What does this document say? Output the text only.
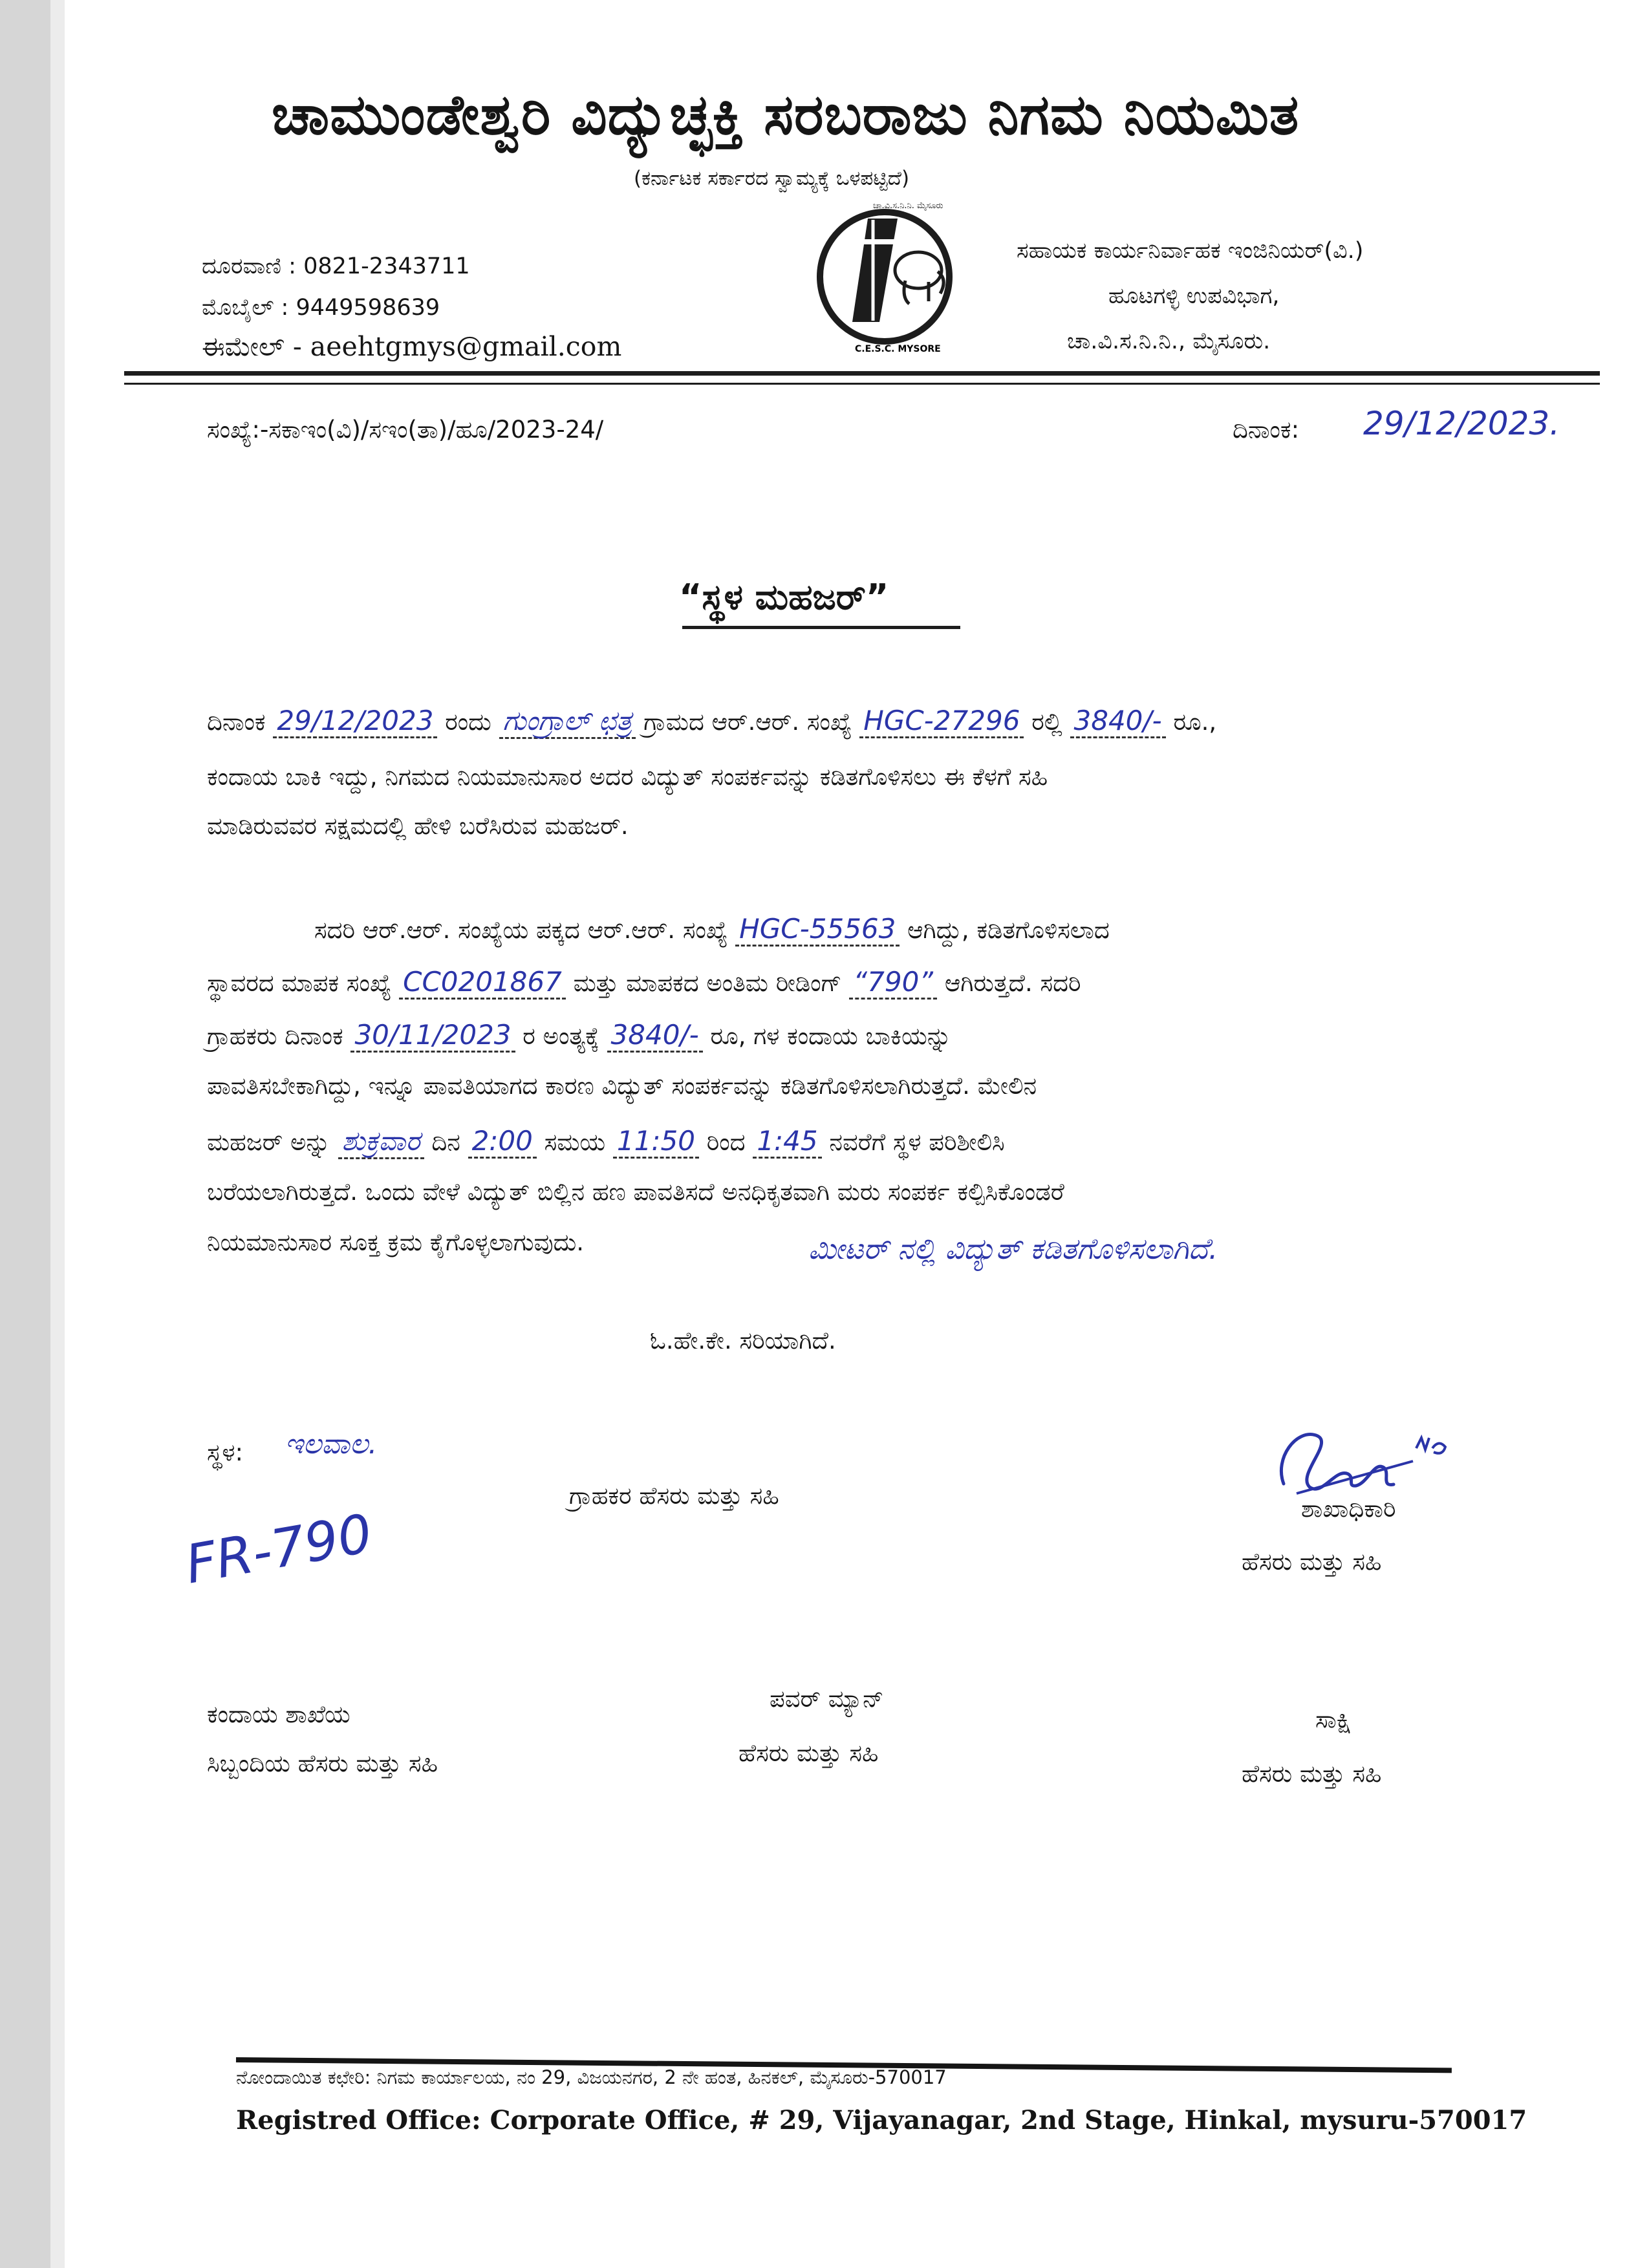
ಚಾಮುಂಡೇಶ್ವರಿ ವಿದ್ಯುಚ್ಛಕ್ತಿ ಸರಬರಾಜು ನಿಗಮ ನಿಯಮಿತ
(ಕರ್ನಾಟಕ ಸರ್ಕಾರದ ಸ್ವಾಮ್ಯಕ್ಕೆ ಒಳಪಟ್ಟಿದೆ)
ದೂರವಾಣಿ : 0821-2343711
ಮೊಬೈಲ್ : 9449598639
ಈಮೇಲ್ - aeehtgmys@gmail.com
ಚಾ.ವಿ.ಸ.ನಿ.ನಿ. ಮೈಸೂರು
C.E.S.C. MYSORE
ಸಹಾಯಕ ಕಾರ್ಯನಿರ್ವಾಹಕ ಇಂಜಿನಿಯರ್(ವಿ.)
ಹೂಟಗಳ್ಳಿ ಉಪವಿಭಾಗ,
ಚಾ.ವಿ.ಸ.ನಿ.ನಿ., ಮೈಸೂರು.
ಸಂಖ್ಯೆ:-ಸಕಾಇಂ(ವಿ)/ಸಇಂ(ತಾ)/ಹೂ/2023-24/	ದಿನಾಂಕ: 29/12/2023.
“ಸ್ಥಳ ಮಹಜರ್”
ದಿನಾಂಕ 29/12/2023 ರಂದು ಗುಂಗ್ರಾಲ್ ಛತ್ರ ಗ್ರಾಮದ ಆರ್.ಆರ್. ಸಂಖ್ಯೆ HGC-27296 ರಲ್ಲಿ 3840/- ರೂ.,
ಕಂದಾಯ ಬಾಕಿ ಇದ್ದು, ನಿಗಮದ ನಿಯಮಾನುಸಾರ ಅದರ ವಿದ್ಯುತ್ ಸಂಪರ್ಕವನ್ನು ಕಡಿತಗೊಳಿಸಲು ಈ ಕೆಳಗೆ ಸಹಿ
ಮಾಡಿರುವವರ ಸಕ್ಷಮದಲ್ಲಿ ಹೇಳಿ ಬರೆಸಿರುವ ಮಹಜರ್.
ಸದರಿ ಆರ್.ಆರ್. ಸಂಖ್ಯೆಯ ಪಕ್ಕದ ಆರ್.ಆರ್. ಸಂಖ್ಯೆ HGC-55563 ಆಗಿದ್ದು, ಕಡಿತಗೊಳಿಸಲಾದ
ಸ್ಥಾವರದ ಮಾಪಕ ಸಂಖ್ಯೆ CC0201867 ಮತ್ತು ಮಾಪಕದ ಅಂತಿಮ ರೀಡಿಂಗ್ “790” ಆಗಿರುತ್ತದೆ. ಸದರಿ
ಗ್ರಾಹಕರು ದಿನಾಂಕ 30/11/2023 ರ ಅಂತ್ಯಕ್ಕೆ 3840/- ರೂ, ಗಳ ಕಂದಾಯ ಬಾಕಿಯನ್ನು
ಪಾವತಿಸಬೇಕಾಗಿದ್ದು, ಇನ್ನೂ ಪಾವತಿಯಾಗದ ಕಾರಣ ವಿದ್ಯುತ್ ಸಂಪರ್ಕವನ್ನು ಕಡಿತಗೊಳಿಸಲಾಗಿರುತ್ತದೆ. ಮೇಲಿನ
ಮಹಜರ್ ಅನ್ನು ಶುಕ್ರವಾರ ದಿನ 2:00 ಸಮಯ 11:50 ರಿಂದ 1:45 ನವರೆಗೆ ಸ್ಥಳ ಪರಿಶೀಲಿಸಿ
ಬರೆಯಲಾಗಿರುತ್ತದೆ. ಒಂದು ವೇಳೆ ವಿದ್ಯುತ್ ಬಿಲ್ಲಿನ ಹಣ ಪಾವತಿಸದೆ ಅನಧಿಕೃತವಾಗಿ ಮರು ಸಂಪರ್ಕ ಕಲ್ಪಿಸಿಕೊಂಡರೆ
ನಿಯಮಾನುಸಾರ ಸೂಕ್ತ ಕ್ರಮ ಕೈಗೊಳ್ಳಲಾಗುವುದು.	ಮೀಟರ್ ನಲ್ಲಿ ವಿದ್ಯುತ್ ಕಡಿತಗೊಳಿಸಲಾಗಿದೆ.
ಓ.ಹೇ.ಕೇ. ಸರಿಯಾಗಿದೆ.
ಸ್ಥಳ: ಇಲವಾಲ.
ಗ್ರಾಹಕರ ಹೆಸರು ಮತ್ತು ಸಹಿ	ಶಾಖಾಧಿಕಾರಿ
ಹೆಸರು ಮತ್ತು ಸಹಿ
FR-790
ಕಂದಾಯ ಶಾಖೆಯ
ಸಿಬ್ಬಂದಿಯ ಹೆಸರು ಮತ್ತು ಸಹಿ
ಪವರ್ ಮ್ಯಾನ್
ಹೆಸರು ಮತ್ತು ಸಹಿ
ಸಾಕ್ಷಿ
ಹೆಸರು ಮತ್ತು ಸಹಿ
ನೋಂದಾಯಿತ ಕಛೇರಿ: ನಿಗಮ ಕಾರ್ಯಾಲಯ, ನಂ 29, ವಿಜಯನಗರ, 2 ನೇ ಹಂತ, ಹಿನಕಲ್, ಮೈಸೂರು-570017
Registred Office: Corporate Office, # 29, Vijayanagar, 2nd Stage, Hinkal, mysuru-570017
